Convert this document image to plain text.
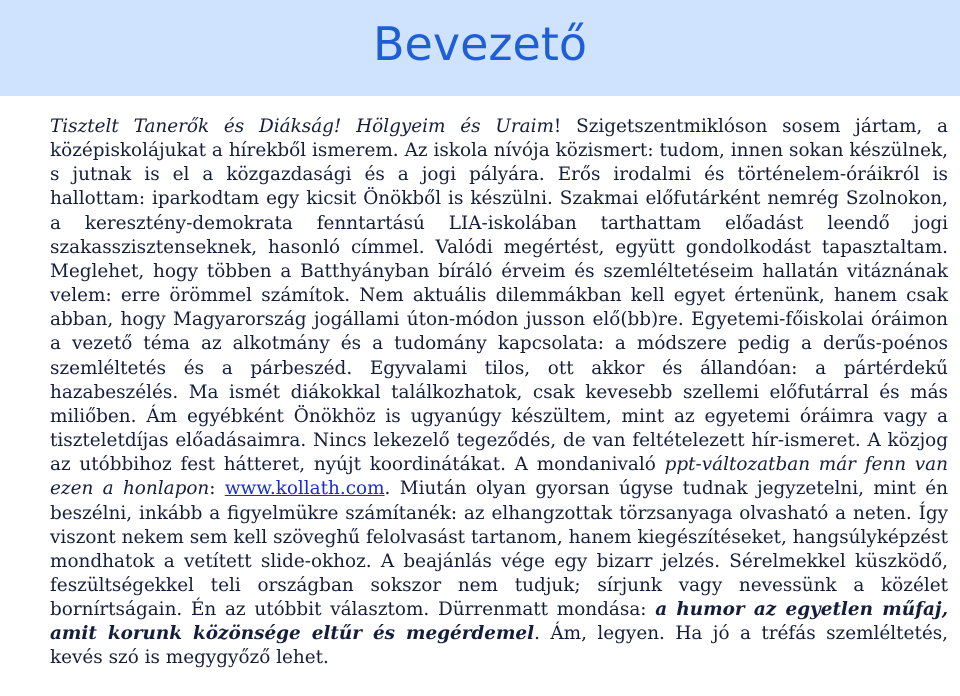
Bevezető

Tisztelt Tanerők és Diákság! Hölgyeim és Uraim! Szigetszentmiklóson sosem jártam, a középiskolájukat a hírekből ismerem. Az iskola nívója közismert: tudom, innen sokan készülnek, s jutnak is el a közgazdasági és a jogi pályára. Erős irodalmi és történelem-óráikról is hallottam: iparkodtam egy kicsit Önökből is készülni. Szakmai előfutárként nemrég Szolnokon, a keresztény-demokrata fenntartású LIA-iskolában tarthattam előadást leendő jogi szakasszisztenseknek, hasonló címmel. Valódi megértést, együtt gondolkodást tapasztaltam. Meglehet, hogy többen a Batthyányban bíráló érveim és szemléltetéseim hallatán vitáznának velem: erre örömmel számítok. Nem aktuális dilemmákban kell egyet értenünk, hanem csak abban, hogy Magyarország jogállami úton-módon jusson elő(bb)re. Egyetemi-főiskolai óráimon a vezető téma az alkotmány és a tudomány kapcsolata: a módszere pedig a derűs-poénos szemléltetés és a párbeszéd. Egyvalami tilos, ott akkor és állandóan: a pártérdekű hazabeszélés. Ma ismét diákokkal találkozhatok, csak kevesebb szellemi előfutárral és más miliőben. Ám egyébként Önökhöz is ugyanúgy készültem, mint az egyetemi óráimra vagy a tiszteletdíjas előadásaimra. Nincs lekezelő tegeződés, de van feltételezett hír-ismeret. A közjog az utóbbihoz fest hátteret, nyújt koordinátákat. A mondanivaló ppt-változatban már fenn van ezen a honlapon: www.kollath.com. Miután olyan gyorsan úgyse tudnak jegyzetelni, mint én beszélni, inkább a figyelmükre számítanék: az elhangzottak törzsanyaga olvasható a neten. Így viszont nekem sem kell szöveghű felolvasást tartanom, hanem kiegészítéseket, hangsúlyképzést mondhatok a vetített slide-okhoz. A beajánlás vége egy bizarr jelzés. Sérelmekkel küszködő, feszültségekkel teli országban sokszor nem tudjuk; sírjunk vagy nevessünk a közélet bornírtságain. Én az utóbbit választom. Dürrenmatt mondása: a humor az egyetlen műfaj, amit korunk közönsége eltűr és megérdemel. Ám, legyen. Ha jó a tréfás szemléltetés, kevés szó is megygyőző lehet.
